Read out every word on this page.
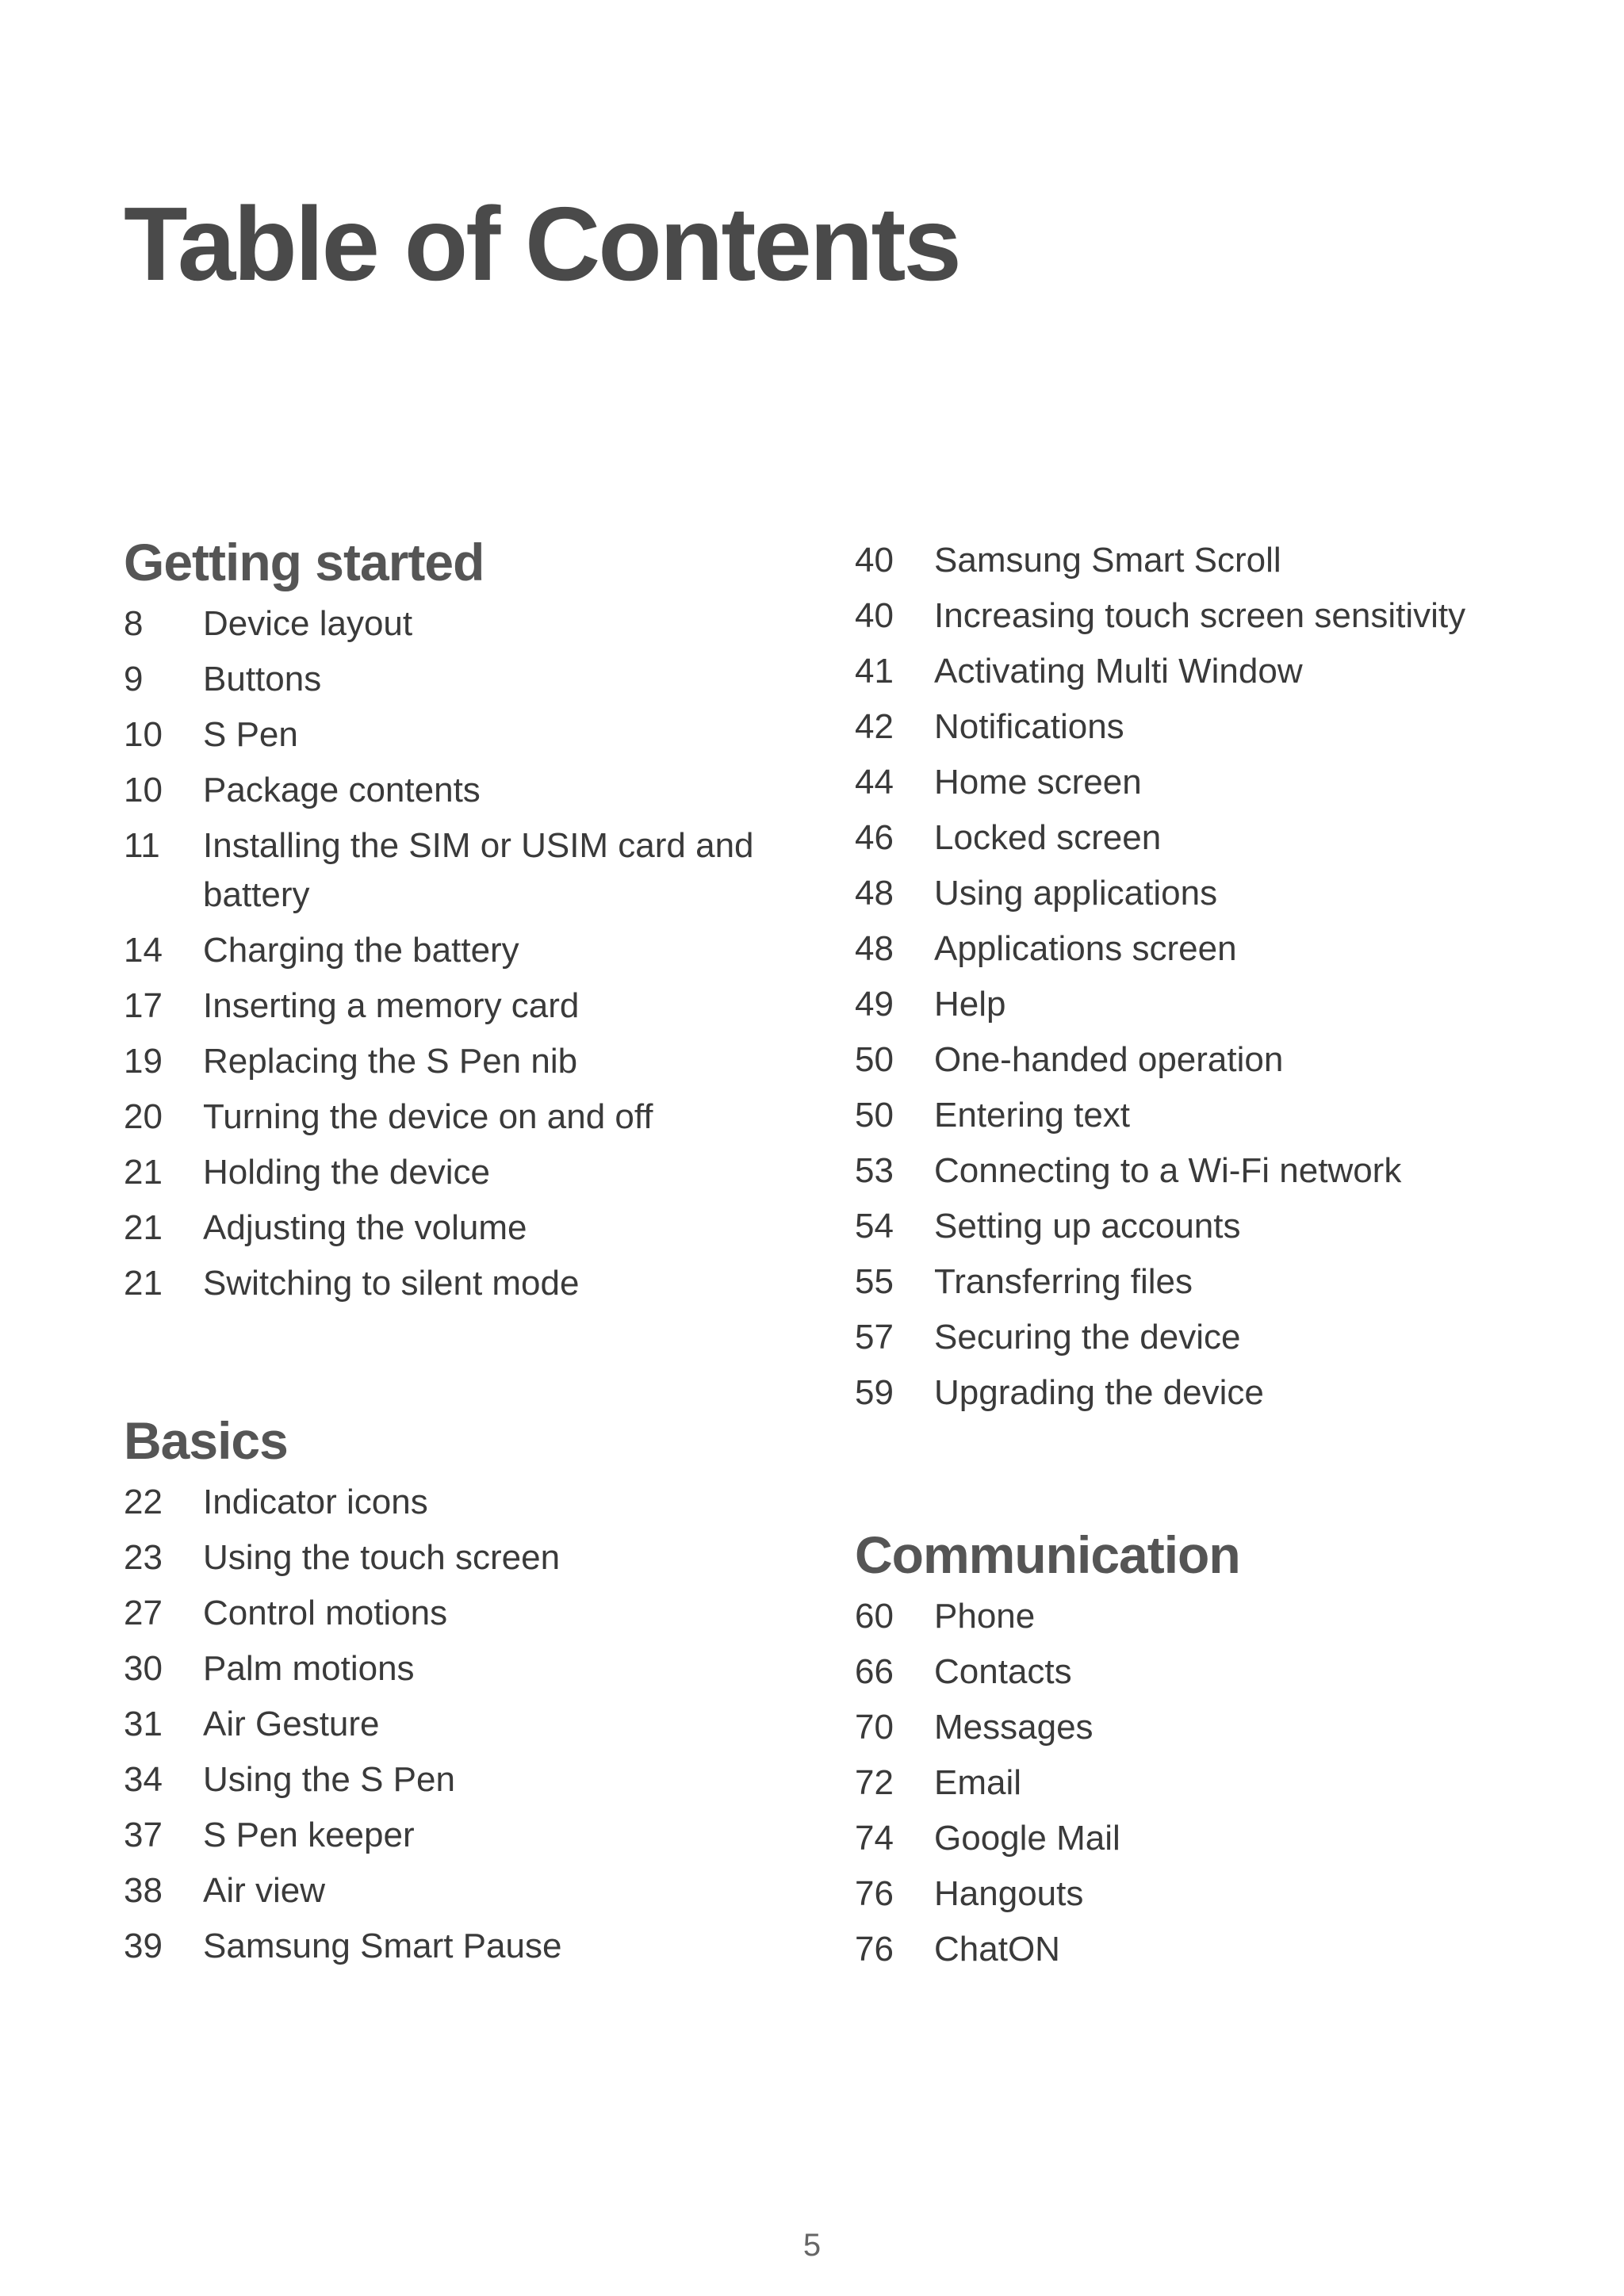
Table of Contents
Getting started
8	Device layout
9	Buttons
10	S Pen
10	Package contents
11	Installing the SIM or USIM card and battery
14	Charging the battery
17	Inserting a memory card
19	Replacing the S Pen nib
20	Turning the device on and off
21	Holding the device
21	Adjusting the volume
21	Switching to silent mode
Basics
22	Indicator icons
23	Using the touch screen
27	Control motions
30	Palm motions
31	Air Gesture
34	Using the S Pen
37	S Pen keeper
38	Air view
39	Samsung Smart Pause
40	Samsung Smart Scroll
40	Increasing touch screen sensitivity
41	Activating Multi Window
42	Notifications
44	Home screen
46	Locked screen
48	Using applications
48	Applications screen
49	Help
50	One-handed operation
50	Entering text
53	Connecting to a Wi-Fi network
54	Setting up accounts
55	Transferring files
57	Securing the device
59	Upgrading the device
Communication
60	Phone
66	Contacts
70	Messages
72	Email
74	Google Mail
76	Hangouts
76	ChatON
5
